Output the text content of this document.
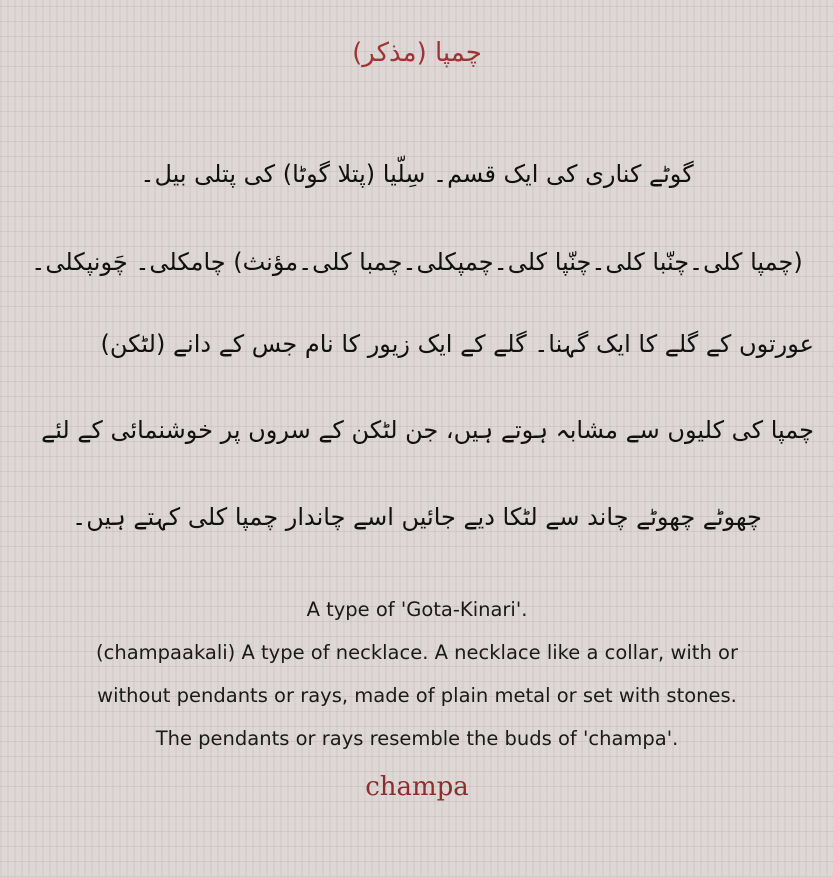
چمپا (مذکر)
گوٹے کناری کی ایک قسم۔ سِلّیا (پتلا گوٹا) کی پتلی بیل۔
(چمپا کلی۔چنّبا کلی۔چنّپا کلی۔چمپکلی۔چمبا کلی۔مؤنث) چامکلی۔ چَونپکلی۔
عورتوں کے گلے کا ایک گہنا۔ گلے کے ایک زیور کا نام جس کے دانے (لٹکن)
چمپا کی کلیوں سے مشابہ ہوتے ہیں، جن لٹکن کے سروں پر خوشنمائی کے لئے
چھوٹے چھوٹے چاند سے لٹکا دیے جائیں اسے چاندار چمپا کلی کہتے ہیں۔
A type of 'Gota-Kinari'.
(champaakali) A type of necklace. A necklace like a collar, with or
without pendants or rays, made of plain metal or set with stones.
The pendants or rays resemble the buds of 'champa'.
champa
